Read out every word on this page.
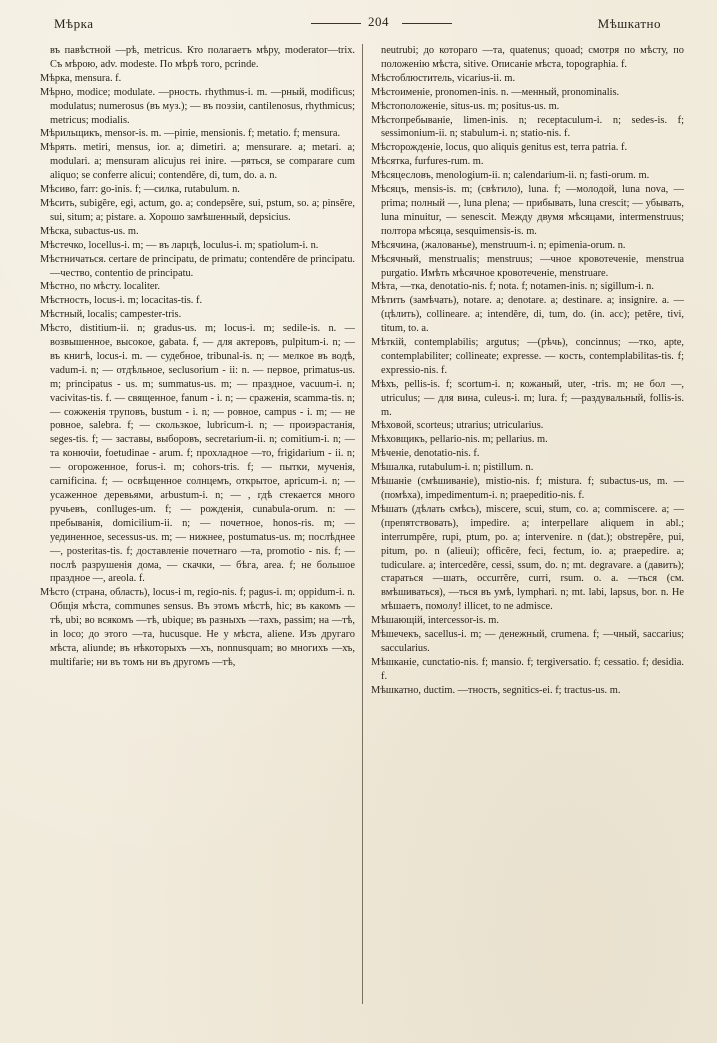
Мѣрка	204	Мѣшкатно

въ павѣстной —рѣ, metricus. Кто полагаетъ мѣру, moderator—trix. Съ мѣрою, adv. modeste. По мѣрѣ того, pcrinde.

Мѣрка, mensura. f.

Мѣрно, modice; modulate. —рность. rhythmus-i. m. —рный, modificus; modulatus; numerosus (въ муз.); — въ поэзіи, cantilenosus, rhythmicus; metricus; modialis.

Мѣрильщикъ, mensor-is. m. —ріпіе, mensionis. f; metatio. f; mensura.

Мѣрять. metiri, mensus, ior. a; dimetiri. a; mensurare. a; metari. a; modulari. a; mensuram alicujus rei inire. —ряться, se comparare cum aliquo; se conferre alicui; contendĕre, di, tum, do. a. n.

Мѣсиво, farr: go-inis. f; —силка, rutabulum. n.

Мѣсить, subigĕre, egi, actum, go. a; condepsĕre, sui, pstum, so. a; pinsĕre, sui, situm; a; pistare. a. Хорошо замѣшенный, depsicius.

Мѣска, subactus-us. m.

Мѣстечко, locellus-i. m; — въ ларцѣ, loculus-i. m; spatiolum-i. n.

Мѣстничаться. certare de principatu, de primatu; contendĕre de principatu. —чество, contentio de principatu.

Мѣстно, по мѣсту. localiter.

Мѣстность, locus-i. m; locacitas-tis. f.

Мѣстный, localis; campester-tris.

Мѣсто, distitium-ii. n; gradus-us. m; locus-i. m; sedile-is. n. — возвышенное, высокое, gabata. f, — для актеровъ, pulpitum-i. n; — въ книгѣ, locus-i. m. — судебное, tribunal-is. n; — мелкое въ водѣ, vadum-i. n; — отдѣльное, seclusorium - ii: n. — первое, primatus-us. m; principatus - us. m; summatus-us. m; — праздное, vacuum-i. n; vacivitas-tis. f. — священное, fanum - i. n; — сраженія, scamma-tis. n; — сожженія труповъ, bustum - i. n; — ровное, campus - i. m; — не ровное, salebra. f; — скользкое, lubricum-i. n; — проиэрастанія, seges-tis. f; — заставы, выборовъ, secretarium-ii. n; comitium-i. n; —та конючіи, foetudinae - arum. f; прохладное —то, frigidarium - ii. n; — огороженное, forus-i. m; cohors-tris. f; — пытки, мученія, carnificina. f; — освѣщенное солнцемъ, открытое, apricum-i. n; — усаженное деревьями, arbustum-i. n; — , гдѣ стекается много ручьевъ, conlluges-um. f; — рожденія, cunabula-orum. n: — пребыванія, domicilium-ii. n; — почетное, honos-ris. m; — уединенное, secessus-us. m; — нижнее, postumatus-us. m; послѣднее —, posteritas-tis. f; доставленіе почетнаго —та, promotio - nis. f; — послѣ разрушенія дома, — скачки, — бѣга, area. f; не большое праздное —, areola. f.

Мѣсто (страна, область), locus-i m, regio-nis. f; pagus-i. m; oppidum-i. n. Общія мѣста, communes sensus. Въ этомъ мѣстѣ, hic; въ какомъ —тѣ, ubi; во всякомъ —тѣ, ubique; въ разныхъ —тахъ, passim; на —тѣ, in loco; до этого —та, hucusque. Не у мѣста, aliene. Изъ другаго мѣста, aliunde; въ нѣкоторыхъ —хъ, nonnusquam; во многихъ —хъ, multifarie; ни въ томъ ни въ другомъ —тѣ,

neutrubi; до котораго —та, quatenus; quoad; смотря по мѣсту, по положенію мѣста, sitive. Описаніе мѣста, topographia. f.

Мѣстоблюститель, vicarius-ii. m.

Мѣстоименіе, pronomen-inis. n. —менный, pronominalis.

Мѣстоположеніе, situs-us. m; positus-us. m.

Мѣстопребываніе, limen-inis. n; receptaculum-i. n; sedes-is. f; sessimonium-ii. n; stabulum-i. n; statio-nis. f.

Мѣсторожденіе, locus, quo aliquis genitus est, terra patria. f.

Мѣсятка, furfures-rum. m.

Мѣсяцесловъ, menologium-ii. n; calendarium-ii. n; fasti-orum. m.

Мѣсяцъ, mensis-is. m; (свѣтило), luna. f; —молодой, luna nova, — prima; полный —, luna plena; — прибывать, luna crescit; — убывать, luna minuitur, — senescit. Между двумя мѣсяцами, intermenstruus; полтора мѣсяца, sesquimensis-is. m.

Мѣсячина, (жалованье), menstruum-i. n; epimenia-orum. n.

Мѣсячный, menstrualis; menstruus; —чное кровотеченіе, menstrua purgatio. Имѣть мѣсячное кровотеченіе, menstruare.

Мѣта, —тка, denotatio-nis. f; nota. f; notamen-inis. n; sigillum-i. n.

Мѣтить (замѣчать), notare. a; denotare. a; destinare. a; insignire. a. —(цѣлить), collineare. a; intendĕre, di, tum, do. (in. acc); petĕre, tivi, titum, to. a.

Мѣткій, contemplabilis; argutus; —(рѣчь), concinnus; —ткo, apte, contemplabiliter; collineate; expresse. — кость, contemplabilitas-tis. f; expressio-nis. f.

Мѣхъ, pellis-is. f; scortum-i. n; кожаный, uter, -tris. m; не бол —, utriculus; — для вина, culeus-i. m; lura. f; —раздувальный, follis-is. m.

Мѣховой, scorteus; utrarius; utricularius.

Мѣховщикъ, pellario-nis. m; pellarius. m.

Мѣченіе, denotatio-nis. f.

Мѣшалка, rutabulum-i. n; pistillum. n.

Мѣшаніе (смѣшиваніе), mistio-nis. f; mistura. f; subactus-us, m. — (помѣха), impedimentum-i. n; praepeditio-nis. f.

Мѣшать (дѣлать смѣсь), miscere, scui, stum, co. a; commiscere. a; — (препятствовать), impedire. a; interpellare aliquem in abl.; interrumpĕre, rupi, ptum, po. a; intervenire. n (dat.); obstrepĕre, pui, pitum, po. n (alieui); officĕre, feci, fectum, io. a; praepedire. a; tudiculare. a; intercedĕre, cessi, ssum, do. n; mt. degravare. a (давить); стараться —шать, occurrĕre, curri, rsum. o. a. —тьcя (см. вмѣшиваться), —ться въ умѣ, lymphari. n; mt. labi, lapsus, bor. n. Не мѣшаетъ, помолу! illicet, to ne admisce.

Мѣшающій, intercessor-is. m.

Мѣшечекъ, sacellus-i. m; — денежный, crumena. f; —чный, saccarius; saccularius.

Мѣшканіе, cunctatio-nis. f; mansio. f; tergiversatio. f; cessatio. f; desidia. f.

Мѣшкатно, ductim. —тность, segnitics-ei. f; tractus-us. m.
